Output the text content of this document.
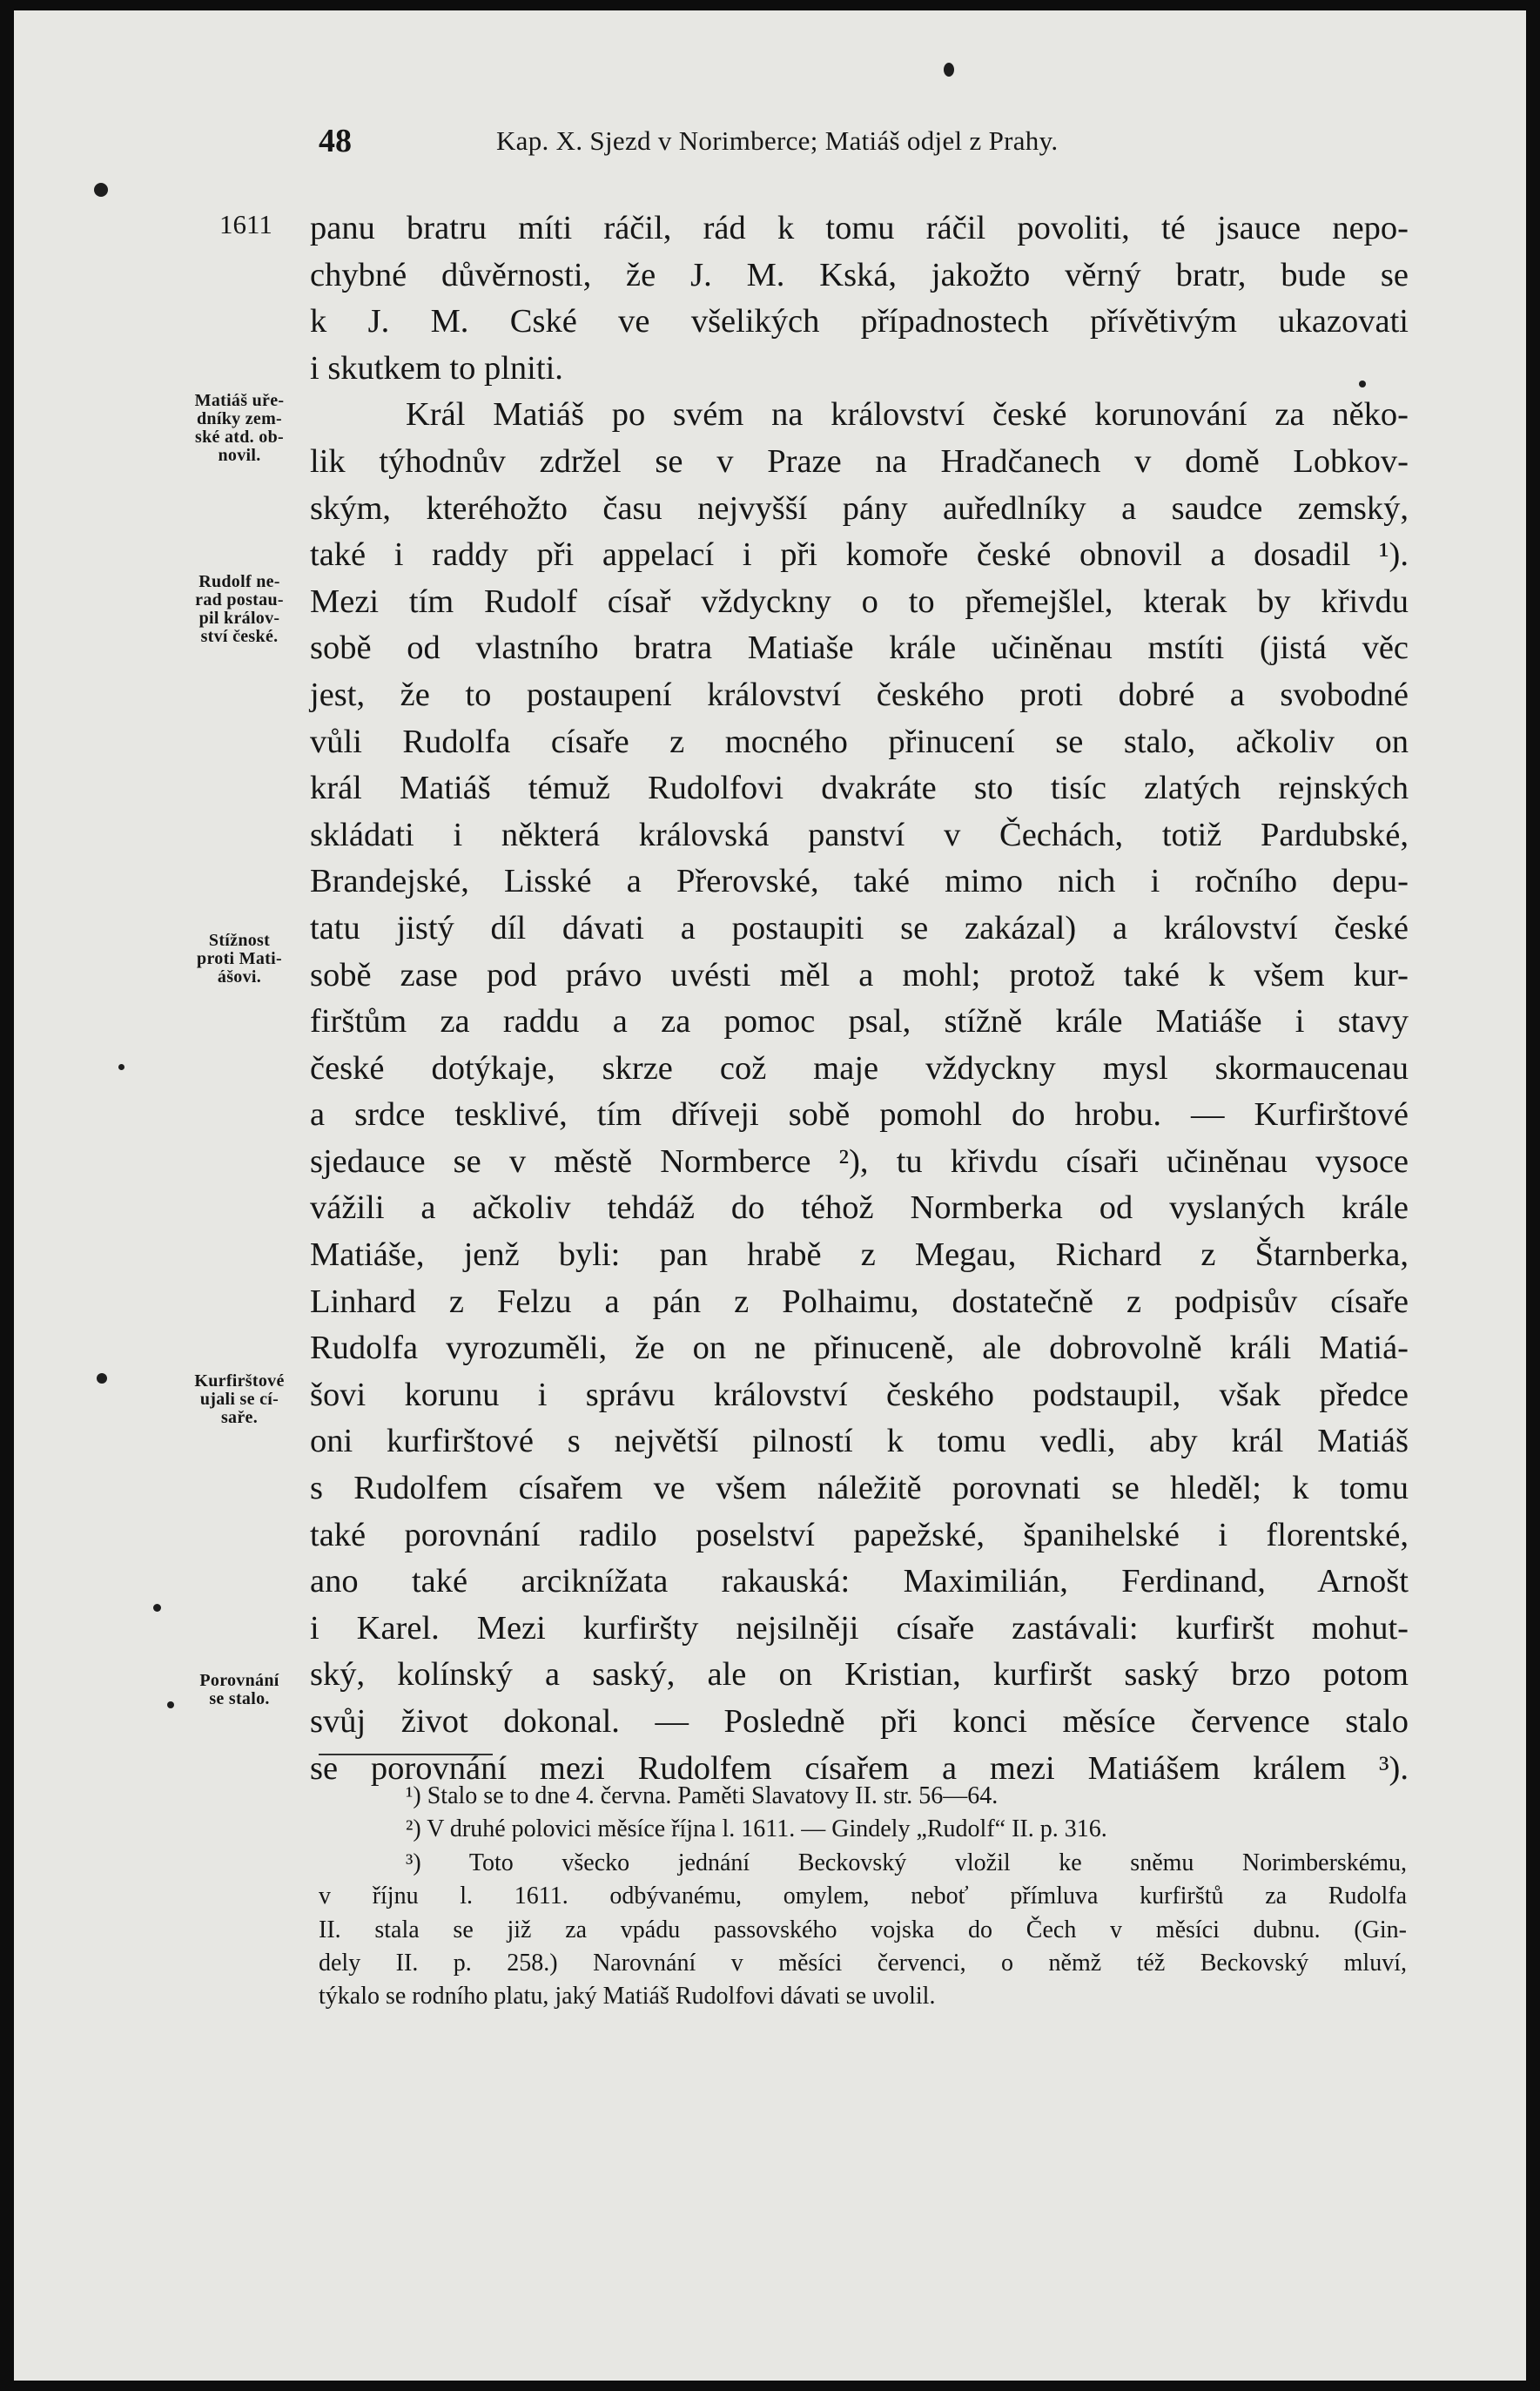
48	Kap. X. Sjezd v Norimberce; Matiáš odjel z Prahy.
1611
Matiáš uře-
dníky zem-
ské atd. ob-
novil.
Rudolf ne-
rad postau-
pil králov-
ství české.
Stížnost
proti Mati-
ášovi.
Kurfirštové
ujali se cí-
saře.
Porovnání
se stalo.
panu bratru míti ráčil, rád k tomu ráčil povoliti, té jsauce nepo-
chybné důvěrnosti, že J. M. Kská, jakožto věrný bratr, bude se
k J. M. Cské ve všelikých případnostech přívětivým ukazovati
i skutkem to plniti.
Král Matiáš po svém na království české korunování za něko-
lik týhodnův zdržel se v Praze na Hradčanech v domě Lobkov-
ským, kteréhožto času nejvyšší pány auředlníky a saudce zemský,
také i raddy při appelací i při komoře české obnovil a dosadil ¹).
Mezi tím Rudolf císař vždyckny o to přemejšlel, kterak by křivdu
sobě od vlastního bratra Matiaše krále učiněnau mstíti (jistá věc
jest, že to postaupení království českého proti dobré a svobodné
vůli Rudolfa císaře z mocného přinucení se stalo, ačkoliv on
král Matiáš témuž Rudolfovi dvakráte sto tisíc zlatých rejnských
skládati i některá královská panství v Čechách, totiž Pardubské,
Brandejské, Lisské a Přerovské, také mimo nich i ročního depu-
tatu jistý díl dávati a postaupiti se zakázal) a království české
sobě zase pod právo uvésti měl a mohl; protož také k všem kur-
firštům za raddu a za pomoc psal, stížně krále Matiáše i stavy
české dotýkaje, skrze což maje vždyckny mysl skormaucenau
a srdce tesklivé, tím dříveji sobě pomohl do hrobu. — Kurfirštové
sjedauce se v městě Normberce ²), tu křivdu císaři učiněnau vysoce
vážili a ačkoliv tehdáž do téhož Normberka od vyslaných krále
Matiáše, jenž byli: pan hrabě z Megau, Richard z Štarnberka,
Linhard z Felzu a pán z Polhaimu, dostatečně z podpisův císaře
Rudolfa vyrozuměli, že on ne přinuceně, ale dobrovolně králi Matiá-
šovi korunu i správu království českého podstaupil, však předce
oni kurfirštové s největší pilností k tomu vedli, aby král Matiáš
s Rudolfem císařem ve všem náležitě porovnati se hleděl; k tomu
také porovnání radilo poselství papežské, španihelské i florentské,
ano také arciknížata rakauská: Maximilián, Ferdinand, Arnošt
i Karel. Mezi kurfiršty nejsilněji císaře zastávali: kurfiršt mohut-
ský, kolínský a saský, ale on Kristian, kurfiršt saský brzo potom
svůj život dokonal. — Posledně při konci měsíce července stalo
se porovnání mezi Rudolfem císařem a mezi Matiášem králem ³).
¹) Stalo se to dne 4. června. Paměti Slavatovy II. str. 56—64.
²) V druhé polovici měsíce října l. 1611. — Gindely „Rudolf“ II. p. 316.
³) Toto všecko jednání Beckovský vložil ke sněmu Norimberskému,
v říjnu l. 1611. odbývanému, omylem, neboť přímluva kurfirštů za Rudolfa
II. stala se již za vpádu passovského vojska do Čech v měsíci dubnu. (Gin-
dely II. p. 258.) Narovnání v měsíci červenci, o němž též Beckovský mluví,
týkalo se rodního platu, jaký Matiáš Rudolfovi dávati se uvolil.
